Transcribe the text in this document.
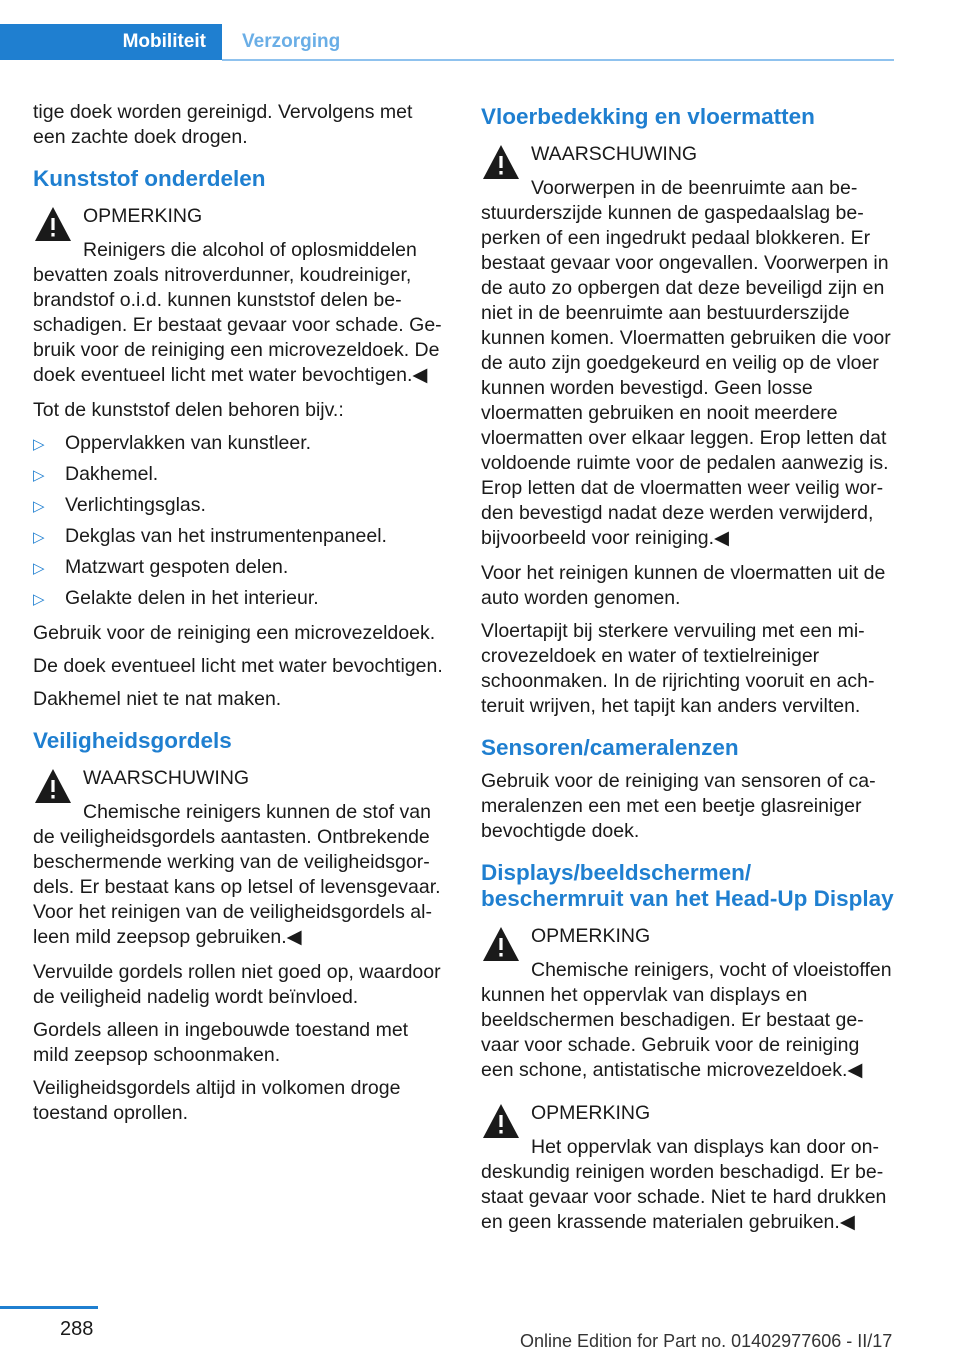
Mobiliteit	Verzorging

tige doek worden gereinigd. Vervolgens met een zachte doek drogen.

Kunststof onderdelen
OPMERKING
Reinigers die alcohol of oplosmiddelen bevatten zoals nitroverdunner, koudreiniger, brandstof o.i.d. kunnen kunststof delen beschadigen. Er bestaat gevaar voor schade. Gebruik voor de reiniging een microvezeldoek. De doek eventueel licht met water bevochtigen.◀

Tot de kunststof delen behoren bijv.:

▷	Oppervlakken van kunstleer.
▷	Dakhemel.
▷	Verlichtingsglas.
▷	Dekglas van het instrumentenpaneel.
▷	Matzwart gespoten delen.
▷	Gelakte delen in het interieur.

Gebruik voor de reiniging een microvezeldoek.

De doek eventueel licht met water bevochtigen.

Dakhemel niet te nat maken.

Veiligheidsgordels
WAARSCHUWING
Chemische reinigers kunnen de stof van de veiligheidsgordels aantasten. Ontbrekende beschermende werking van de veiligheidsgordels. Er bestaat kans op letsel of levensgevaar. Voor het reinigen van de veiligheidsgordels alleen mild zeepsop gebruiken.◀

Vervuilde gordels rollen niet goed op, waardoor de veiligheid nadelig wordt beïnvloed.

Gordels alleen in ingebouwde toestand met mild zeepsop schoonmaken.

Veiligheidsgordels altijd in volkomen droge toestand oprollen.

Vloerbedekking en vloermatten
WAARSCHUWING
Voorwerpen in de beenruimte aan bestuurderszijde kunnen de gaspedaalslag beperken of een ingedrukt pedaal blokkeren. Er bestaat gevaar voor ongevallen. Voorwerpen in de auto zo opbergen dat deze beveiligd zijn en niet in de beenruimte aan bestuurderszijde kunnen komen. Vloermatten gebruiken die voor de auto zijn goedgekeurd en veilig op de vloer kunnen worden bevestigd. Geen losse vloermatten gebruiken en nooit meerdere vloermatten over elkaar leggen. Erop letten dat voldoende ruimte voor de pedalen aanwezig is. Erop letten dat de vloermatten weer veilig worden bevestigd nadat deze werden verwijderd, bijvoorbeeld voor reiniging.◀

Voor het reinigen kunnen de vloermatten uit de auto worden genomen.

Vloertapijt bij sterkere vervuiling met een microvezeldoek en water of textielreiniger schoonmaken. In de rijrichting vooruit en achteruit wrijven, het tapijt kan anders vervilten.

Sensoren/cameralenzen

Gebruik voor de reiniging van sensoren of cameralenzen een met een beetje glasreiniger bevochtigde doek.

Displays/beeldschermen/ beschermruit van het Head-Up Display
OPMERKING
Chemische reinigers, vocht of vloeistoffen kunnen het oppervlak van displays en beeldschermen beschadigen. Er bestaat gevaar voor schade. Gebruik voor de reiniging een schone, antistatische microvezeldoek.◀
OPMERKING
Het oppervlak van displays kan door ondeskundig reinigen worden beschadigd. Er bestaat gevaar voor schade. Niet te hard drukken en geen krassende materialen gebruiken.◀
288
Online Edition for Part no. 01402977606 - II/17
